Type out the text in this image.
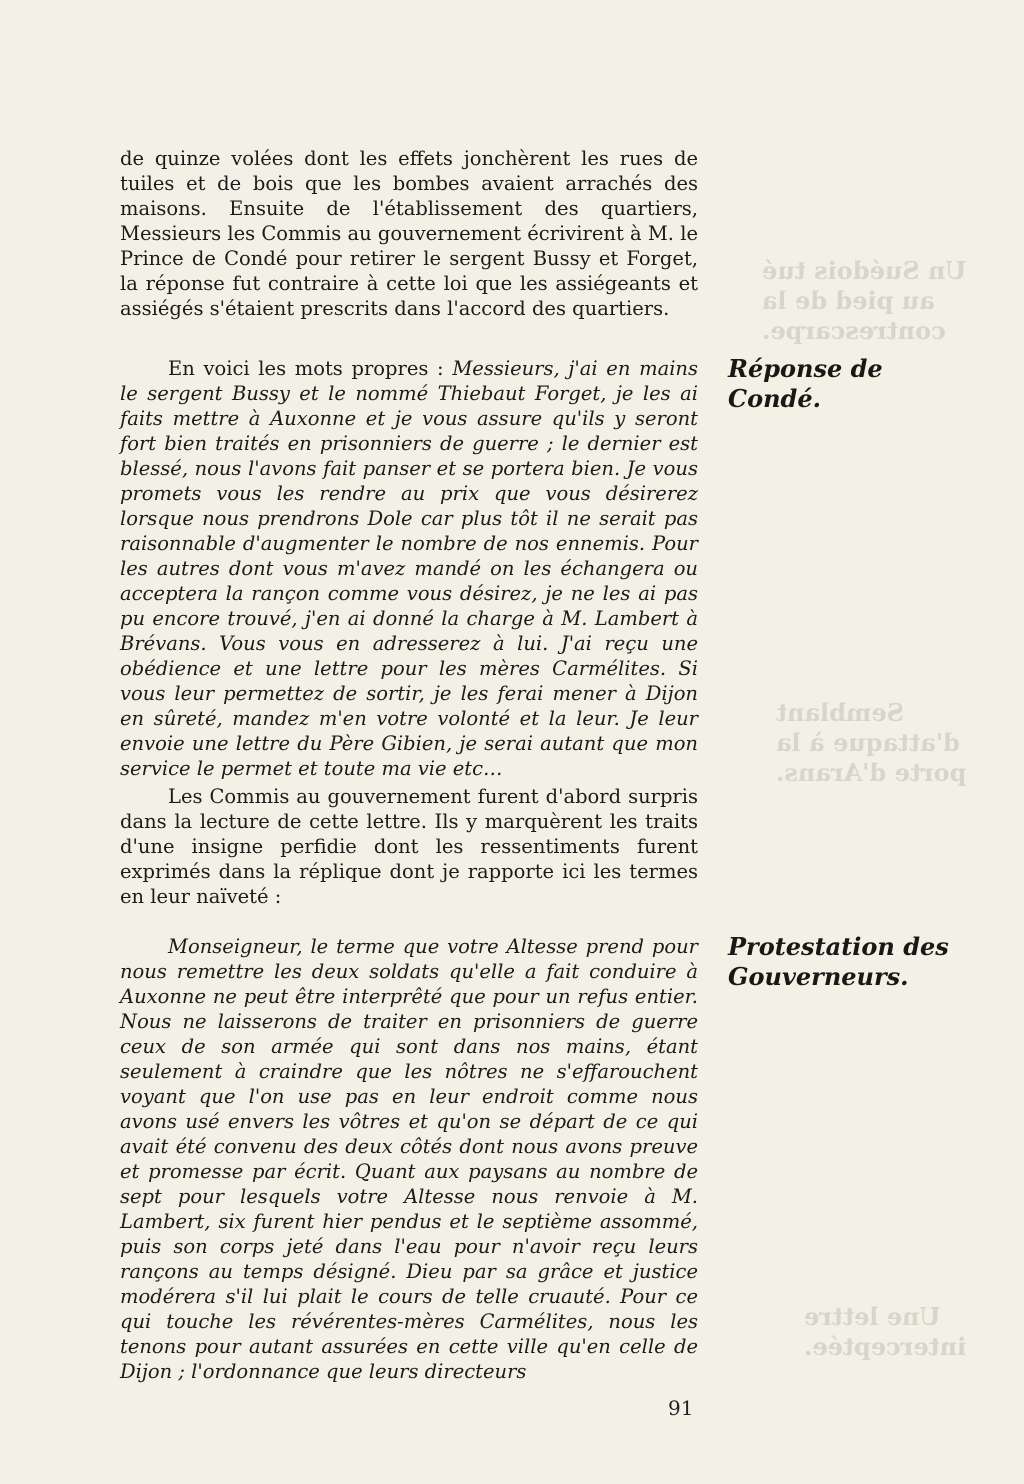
de quinze volées dont les effets jonchèrent les rues de tuiles et de bois que les bombes avaient arrachés des maisons. Ensuite de l'établissement des quartiers, Messieurs les Commis au gouvernement écrivirent à M. le Prince de Condé pour retirer le sergent Bussy et Forget, la réponse fut contraire à cette loi que les assiégeants et assiégés s'étaient prescrits dans l'accord des quartiers.

En voici les mots propres : Messieurs, j'ai en mains le sergent Bussy et le nommé Thiebaut Forget, je les ai faits mettre à Auxonne et je vous assure qu'ils y seront fort bien traités en prisonniers de guerre ; le dernier est blessé, nous l'avons fait panser et se portera bien. Je vous promets vous les rendre au prix que vous désirerez lorsque nous prendrons Dole car plus tôt il ne serait pas raisonnable d'augmenter le nombre de nos ennemis. Pour les autres dont vous m'avez mandé on les échangera ou acceptera la rançon comme vous désirez, je ne les ai pas pu encore trouvé, j'en ai donné la charge à M. Lambert à Brévans. Vous vous en adresserez à lui. J'ai reçu une obédience et une lettre pour les mères Carmélites. Si vous leur permettez de sortir, je les ferai mener à Dijon en sûreté, mandez m'en votre volonté et la leur. Je leur envoie une lettre du Père Gibien, je serai autant que mon service le permet et toute ma vie etc…

Les Commis au gouvernement furent d'abord surpris dans la lecture de cette lettre. Ils y marquèrent les traits d'une insigne perfidie dont les ressentiments furent exprimés dans la réplique dont je rapporte ici les termes en leur naïveté :

Monseigneur, le terme que votre Altesse prend pour nous remettre les deux soldats qu'elle a fait conduire à Auxonne ne peut être interprêté que pour un refus entier. Nous ne laisserons de traiter en prisonniers de guerre ceux de son armée qui sont dans nos mains, étant seulement à craindre que les nôtres ne s'effarouchent voyant que l'on use pas en leur endroit comme nous avons usé envers les vôtres et qu'on se départ de ce qui avait été convenu des deux côtés dont nous avons preuve et promesse par écrit. Quant aux paysans au nombre de sept pour lesquels votre Altesse nous renvoie à M. Lambert, six furent hier pendus et le septième assommé, puis son corps jeté dans l'eau pour n'avoir reçu leurs rançons au temps désigné. Dieu par sa grâce et justice modérera s'il lui plait le cours de telle cruauté. Pour ce qui touche les révérentes-mères Carmélites, nous les tenons pour autant assurées en cette ville qu'en celle de Dijon ; l'ordonnance que leurs directeurs

Réponse de
Condé.
Protestation des
Gouverneurs.
Un Suédois tué
au pied de la
contrescarpe.
Semblant
d'attaque à la
porte d'Arans.
Une lettre
interceptée.
91
